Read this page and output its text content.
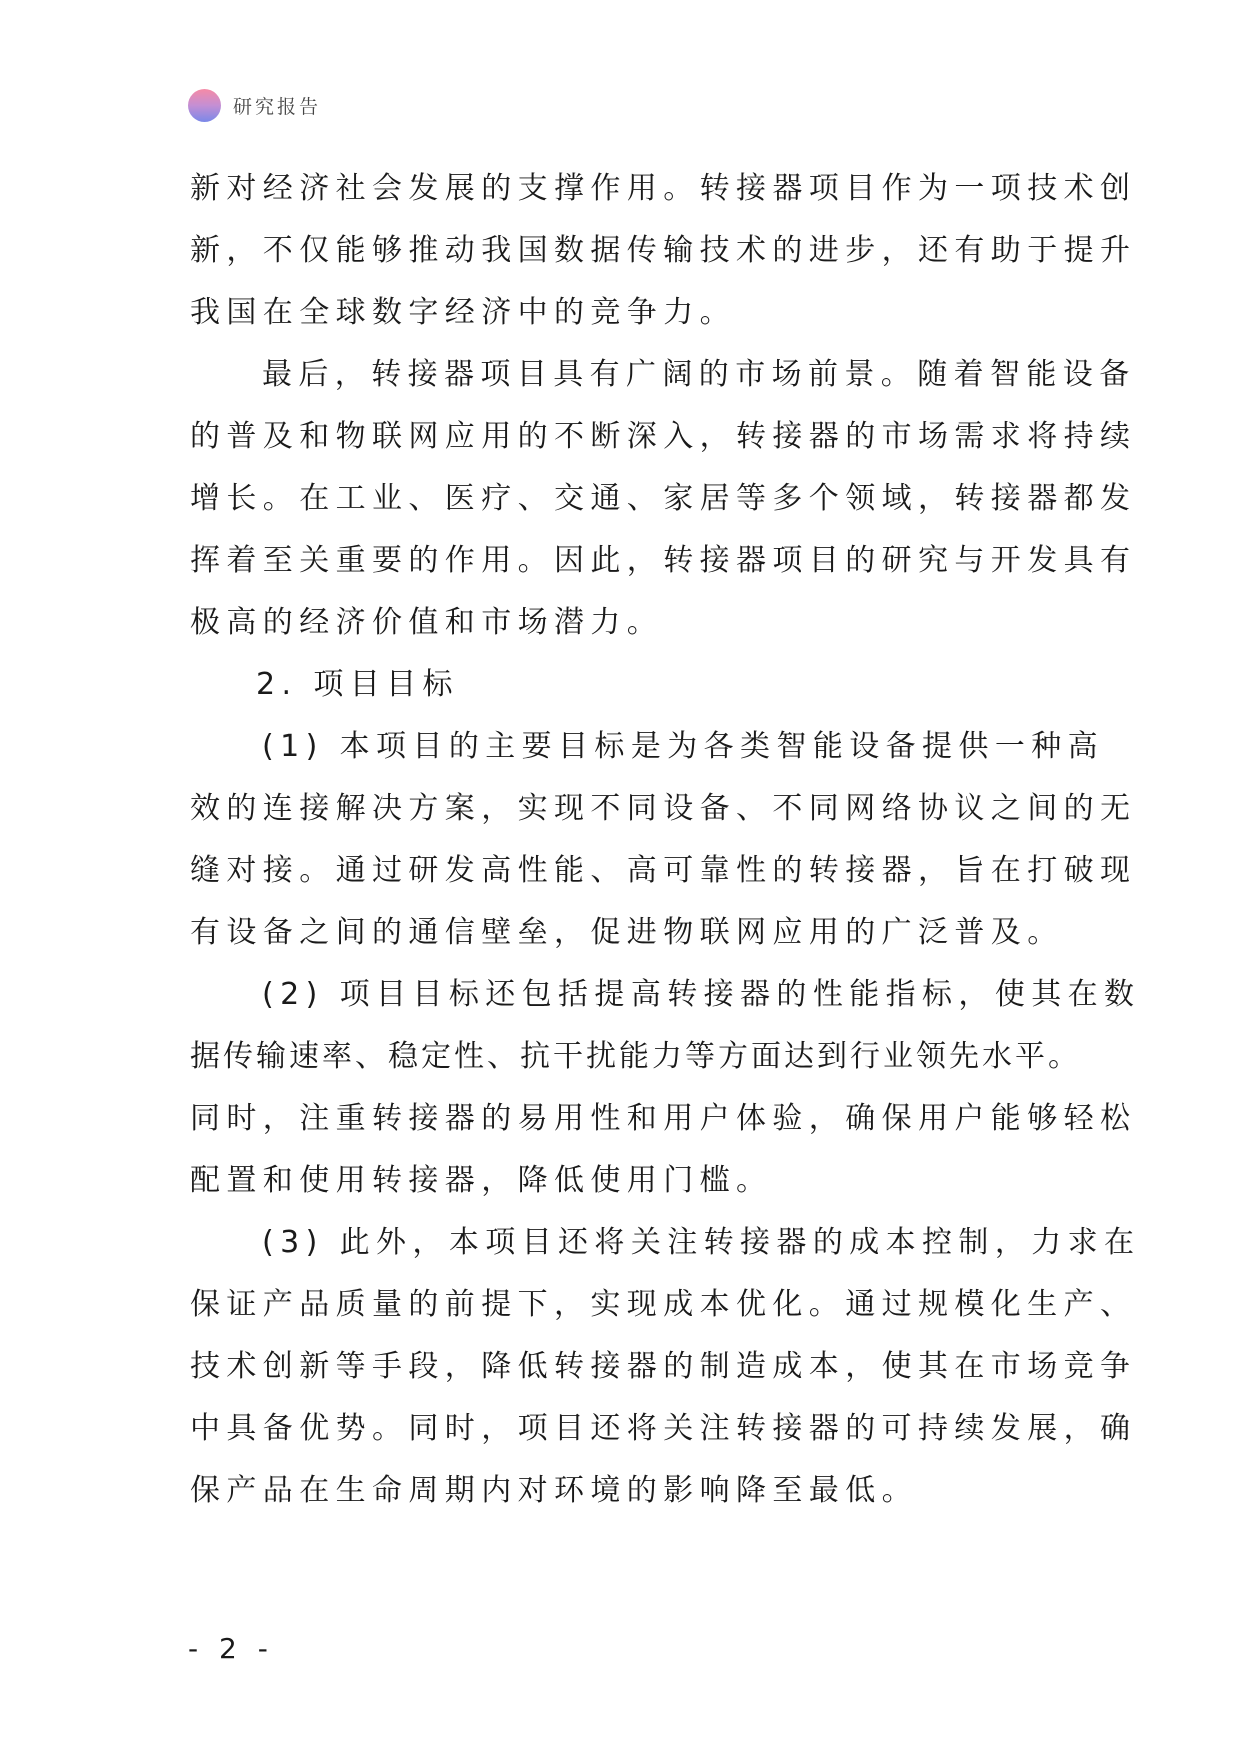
研究报告
新对经济社会发展的支撑作用。转接器项目作为一项技术创
新，不仅能够推动我国数据传输技术的进步，还有助于提升
我国在全球数字经济中的竞争力。
最后，转接器项目具有广阔的市场前景。随着智能设备
的普及和物联网应用的不断深入，转接器的市场需求将持续
增长。在工业、医疗、交通、家居等多个领域，转接器都发
挥着至关重要的作用。因此，转接器项目的研究与开发具有
极高的经济价值和市场潜力。
2. 项目目标
(1) 本项目的主要目标是为各类智能设备提供一种高
效的连接解决方案，实现不同设备、不同网络协议之间的无
缝对接。通过研发高性能、高可靠性的转接器，旨在打破现
有设备之间的通信壁垒，促进物联网应用的广泛普及。
(2) 项目目标还包括提高转接器的性能指标，使其在数
据传输速率、稳定性、抗干扰能力等方面达到行业领先水平。
同时，注重转接器的易用性和用户体验，确保用户能够轻松
配置和使用转接器，降低使用门槛。
(3) 此外，本项目还将关注转接器的成本控制，力求在
保证产品质量的前提下，实现成本优化。通过规模化生产、
技术创新等手段，降低转接器的制造成本，使其在市场竞争
中具备优势。同时，项目还将关注转接器的可持续发展，确
保产品在生命周期内对环境的影响降至最低。
- 2 -
